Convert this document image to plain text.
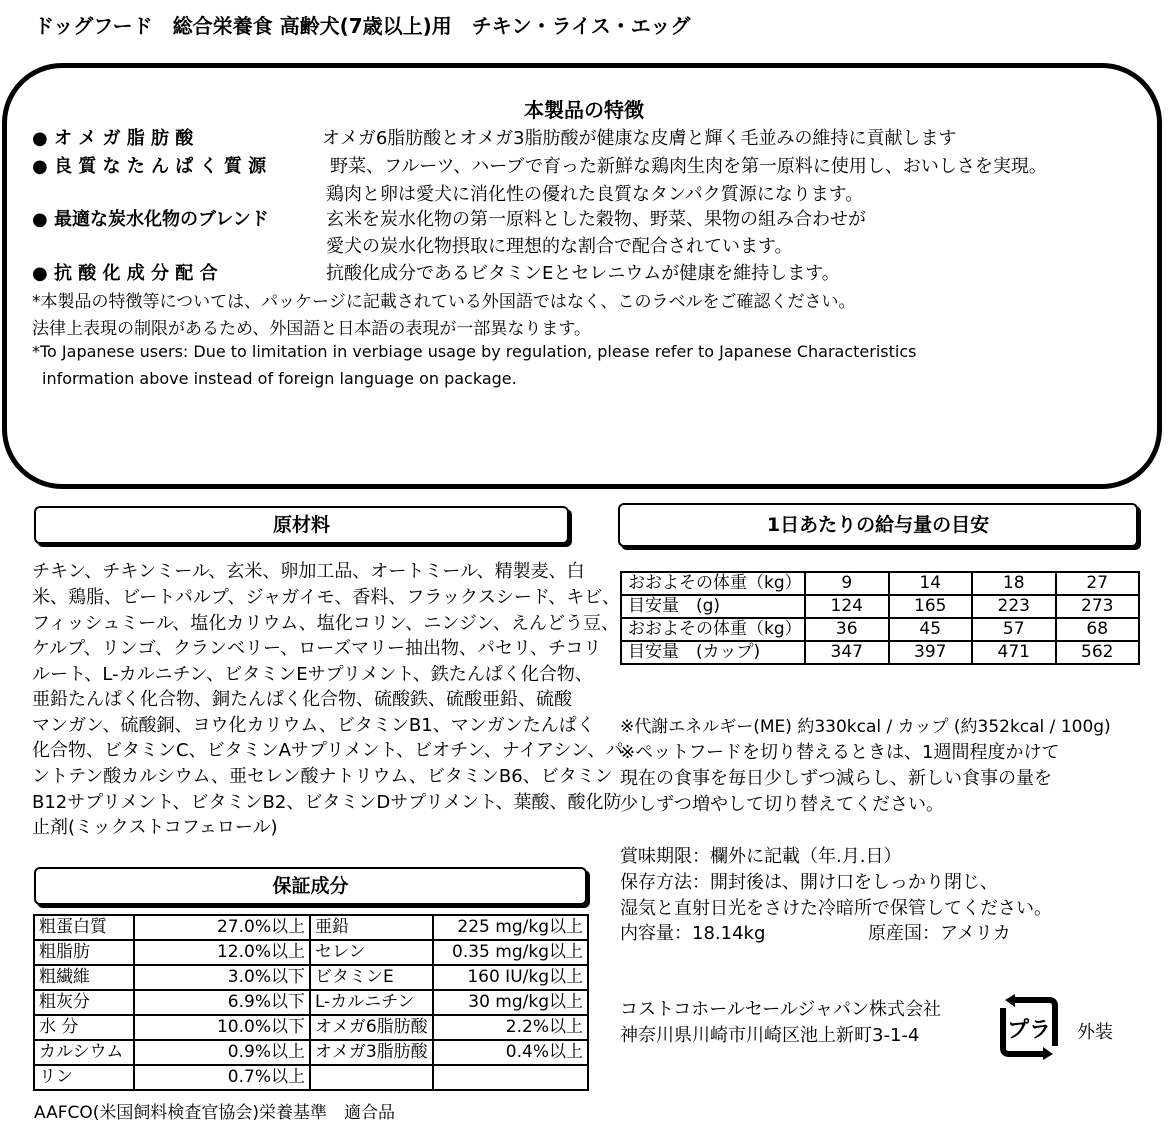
ドッグフード　総合栄養食 高齢犬(7歳以上)用　チキン・ライス・エッグ
本製品の特徴
● オ メ ガ 脂 肪 酸	オメガ6脂肪酸とオメガ3脂肪酸が健康な皮膚と輝く毛並みの維持に貢献します
● 良 質 な た ん ぱ く 質 源	野菜、フルーツ、ハーブで育った新鮮な鶏肉生肉を第一原料に使用し、おいしさを実現。
鶏肉と卵は愛犬に消化性の優れた良質なタンパク質源になります。
● 最適な炭水化物のブレンド	玄米を炭水化物の第一原料とした穀物、野菜、果物の組み合わせが
愛犬の炭水化物摂取に理想的な割合で配合されています。
● 抗 酸 化 成 分 配 合	抗酸化成分であるビタミンEとセレニウムが健康を維持します。
*本製品の特徴等については、パッケージに記載されている外国語ではなく、このラベルをご確認ください。
法律上表現の制限があるため、外国語と日本語の表現が一部異なります。
*To Japanese users: Due to limitation in verbiage usage by regulation, please refer to Japanese Characteristics
information above instead of foreign language on package.
原材料
チキン、チキンミール、玄米、卵加工品、オートミール、精製麦、白
米、鶏脂、ビートパルプ、ジャガイモ、香料、フラックスシード、キビ、
フィッシュミール、塩化カリウム、塩化コリン、ニンジン、えんどう豆、
ケルプ、リンゴ、クランベリー、ローズマリー抽出物、パセリ、チコリ
ルート、L-カルニチン、ビタミンEサプリメント、鉄たんぱく化合物、
亜鉛たんぱく化合物、銅たんぱく化合物、硫酸鉄、硫酸亜鉛、硫酸
マンガン、硫酸銅、ヨウ化カリウム、ビタミンB1、マンガンたんぱく
化合物、ビタミンC、ビタミンAサプリメント、ビオチン、ナイアシン、パ
ントテン酸カルシウム、亜セレン酸ナトリウム、ビタミンB6、ビタミン
B12サプリメント、ビタミンB2、ビタミンDサプリメント、葉酸、酸化防
止剤(ミックストコフェロール)
1日あたりの給与量の目安
おおよその体重（kg）	9	14	18	27
目安量　(g)	124	165	223	273
おおよその体重（kg）	36	45	57	68
目安量　(カップ)	347	397	471	562
※代謝エネルギー(ME) 約330kcal / カップ (約352kcal / 100g)
※ペットフードを切り替えるときは、1週間程度かけて
現在の食事を毎日少しずつ減らし、新しい食事の量を
少しずつ増やして切り替えてください。
保証成分
粗蛋白質	27.0%以上	亜鉛	225 mg/kg以上
粗脂肪	12.0%以上	セレン	0.35 mg/kg以上
粗繊維	3.0%以下	ビタミンE	160 IU/kg以上
粗灰分	6.9%以下	L-カルニチン	30 mg/kg以上
水 分	10.0%以下	オメガ6脂肪酸	2.2%以上
カルシウム	0.9%以上	オメガ3脂肪酸	0.4%以上
リン	0.7%以上		
AAFCO(米国飼料検査官協会)栄養基準　適合品
賞味期限：欄外に記載（年.月.日）
保存方法：開封後は、開け口をしっかり閉じ、
湿気と直射日光をさけた冷暗所で保管してください。
内容量：18.14kg	原産国：アメリカ
コストコホールセールジャパン株式会社
神奈川県川崎市川崎区池上新町3-1-4	プラ 外装
